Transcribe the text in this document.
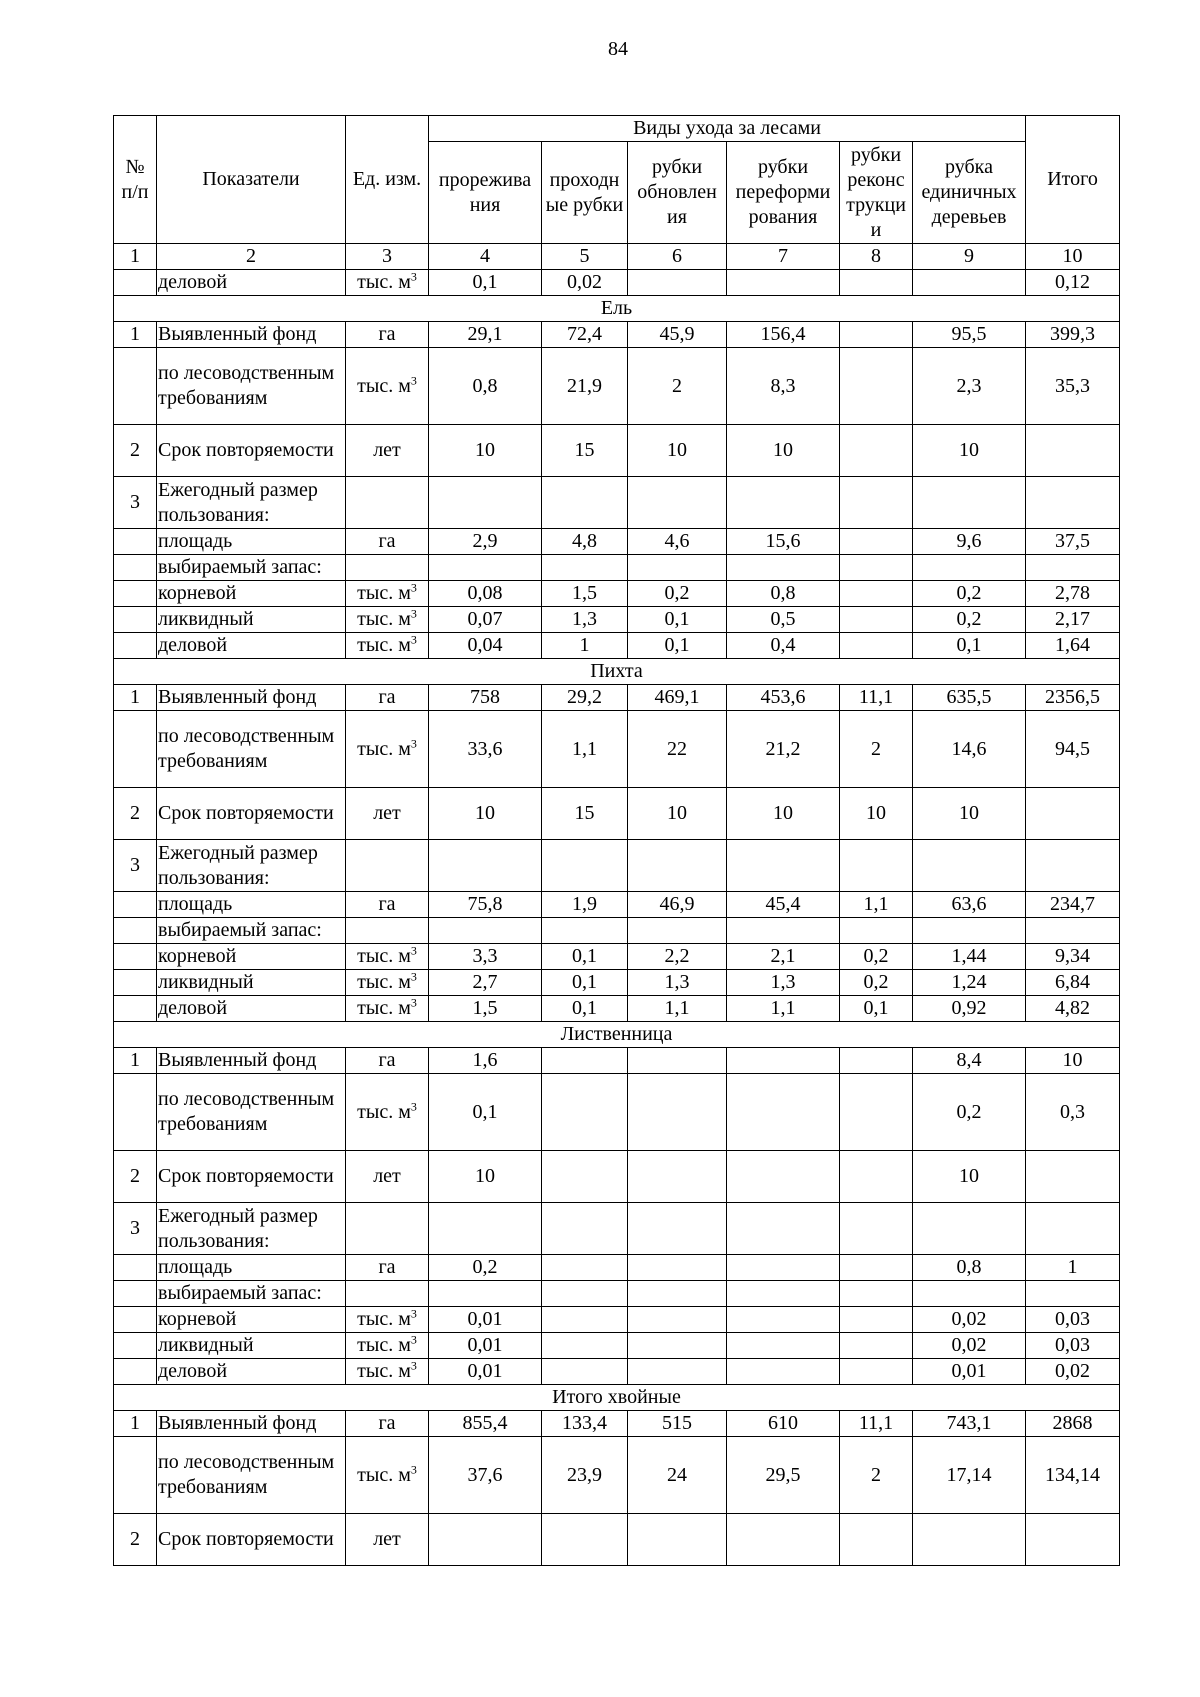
84
№ п/п	Показатели	Ед. изм.	Виды ухода за лесами						Итого
			прорежива ния	проходн ые рубки	рубки обновлен ия	рубки переформи рования	рубки реконс трукци и	рубка единичных деревьев	
1	2	3	4	5	6	7	8	9	10
	деловой	тыс. $м^3$	0,1	0,02					0,12
Ель									
1	Выявленный фонд	га	29,1	72,4	45,9	156,4		95,5	399,3
	по лесоводственным требованиям	тыс. $м^3$	0,8	21,9	2	8,3		2,3	35,3
2	Срок повторяемости	лет	10	15	10	10		10	
3	Ежегодный размер пользования:								
	площадь	га	2,9	4,8	4,6	15,6		9,6	37,5
	выбираемый запас:								
	корневой	тыс. $м^3$	0,08	1,5	0,2	0,8		0,2	2,78
	ликвидный	тыс. $м^3$	0,07	1,3	0,1	0,5		0,2	2,17
	деловой	тыс. $м^3$	0,04	1	0,1	0,4		0,1	1,64
Пихта									
1	Выявленный фонд	га	758	29,2	469,1	453,6	11,1	635,5	2356,5
	по лесоводственным требованиям	тыс. $м^3$	33,6	1,1	22	21,2	2	14,6	94,5
2	Срок повторяемости	лет	10	15	10	10	10	10	
3	Ежегодный размер пользования:								
	площадь	га	75,8	1,9	46,9	45,4	1,1	63,6	234,7
	выбираемый запас:								
	корневой	тыс. $м^3$	3,3	0,1	2,2	2,1	0,2	1,44	9,34
	ликвидный	тыс. $м^3$	2,7	0,1	1,3	1,3	0,2	1,24	6,84
	деловой	тыс. $м^3$	1,5	0,1	1,1	1,1	0,1	0,92	4,82
Лиственница									
1	Выявленный фонд	га	1,6					8,4	10
	по лесоводственным требованиям	тыс. $м^3$	0,1					0,2	0,3
2	Срок повторяемости	лет	10					10	
3	Ежегодный размер пользования:								
	площадь	га	0,2					0,8	1
	выбираемый запас:								
	корневой	тыс. $м^3$	0,01					0,02	0,03
	ликвидный	тыс. $м^3$	0,01					0,02	0,03
	деловой	тыс. $м^3$	0,01					0,01	0,02
Итого хвойные									
1	Выявленный фонд	га	855,4	133,4	515	610	11,1	743,1	2868
	по лесоводственным требованиям	тыс. $м^3$	37,6	23,9	24	29,5	2	17,14	134,14
2	Срок повторяемости	лет							
